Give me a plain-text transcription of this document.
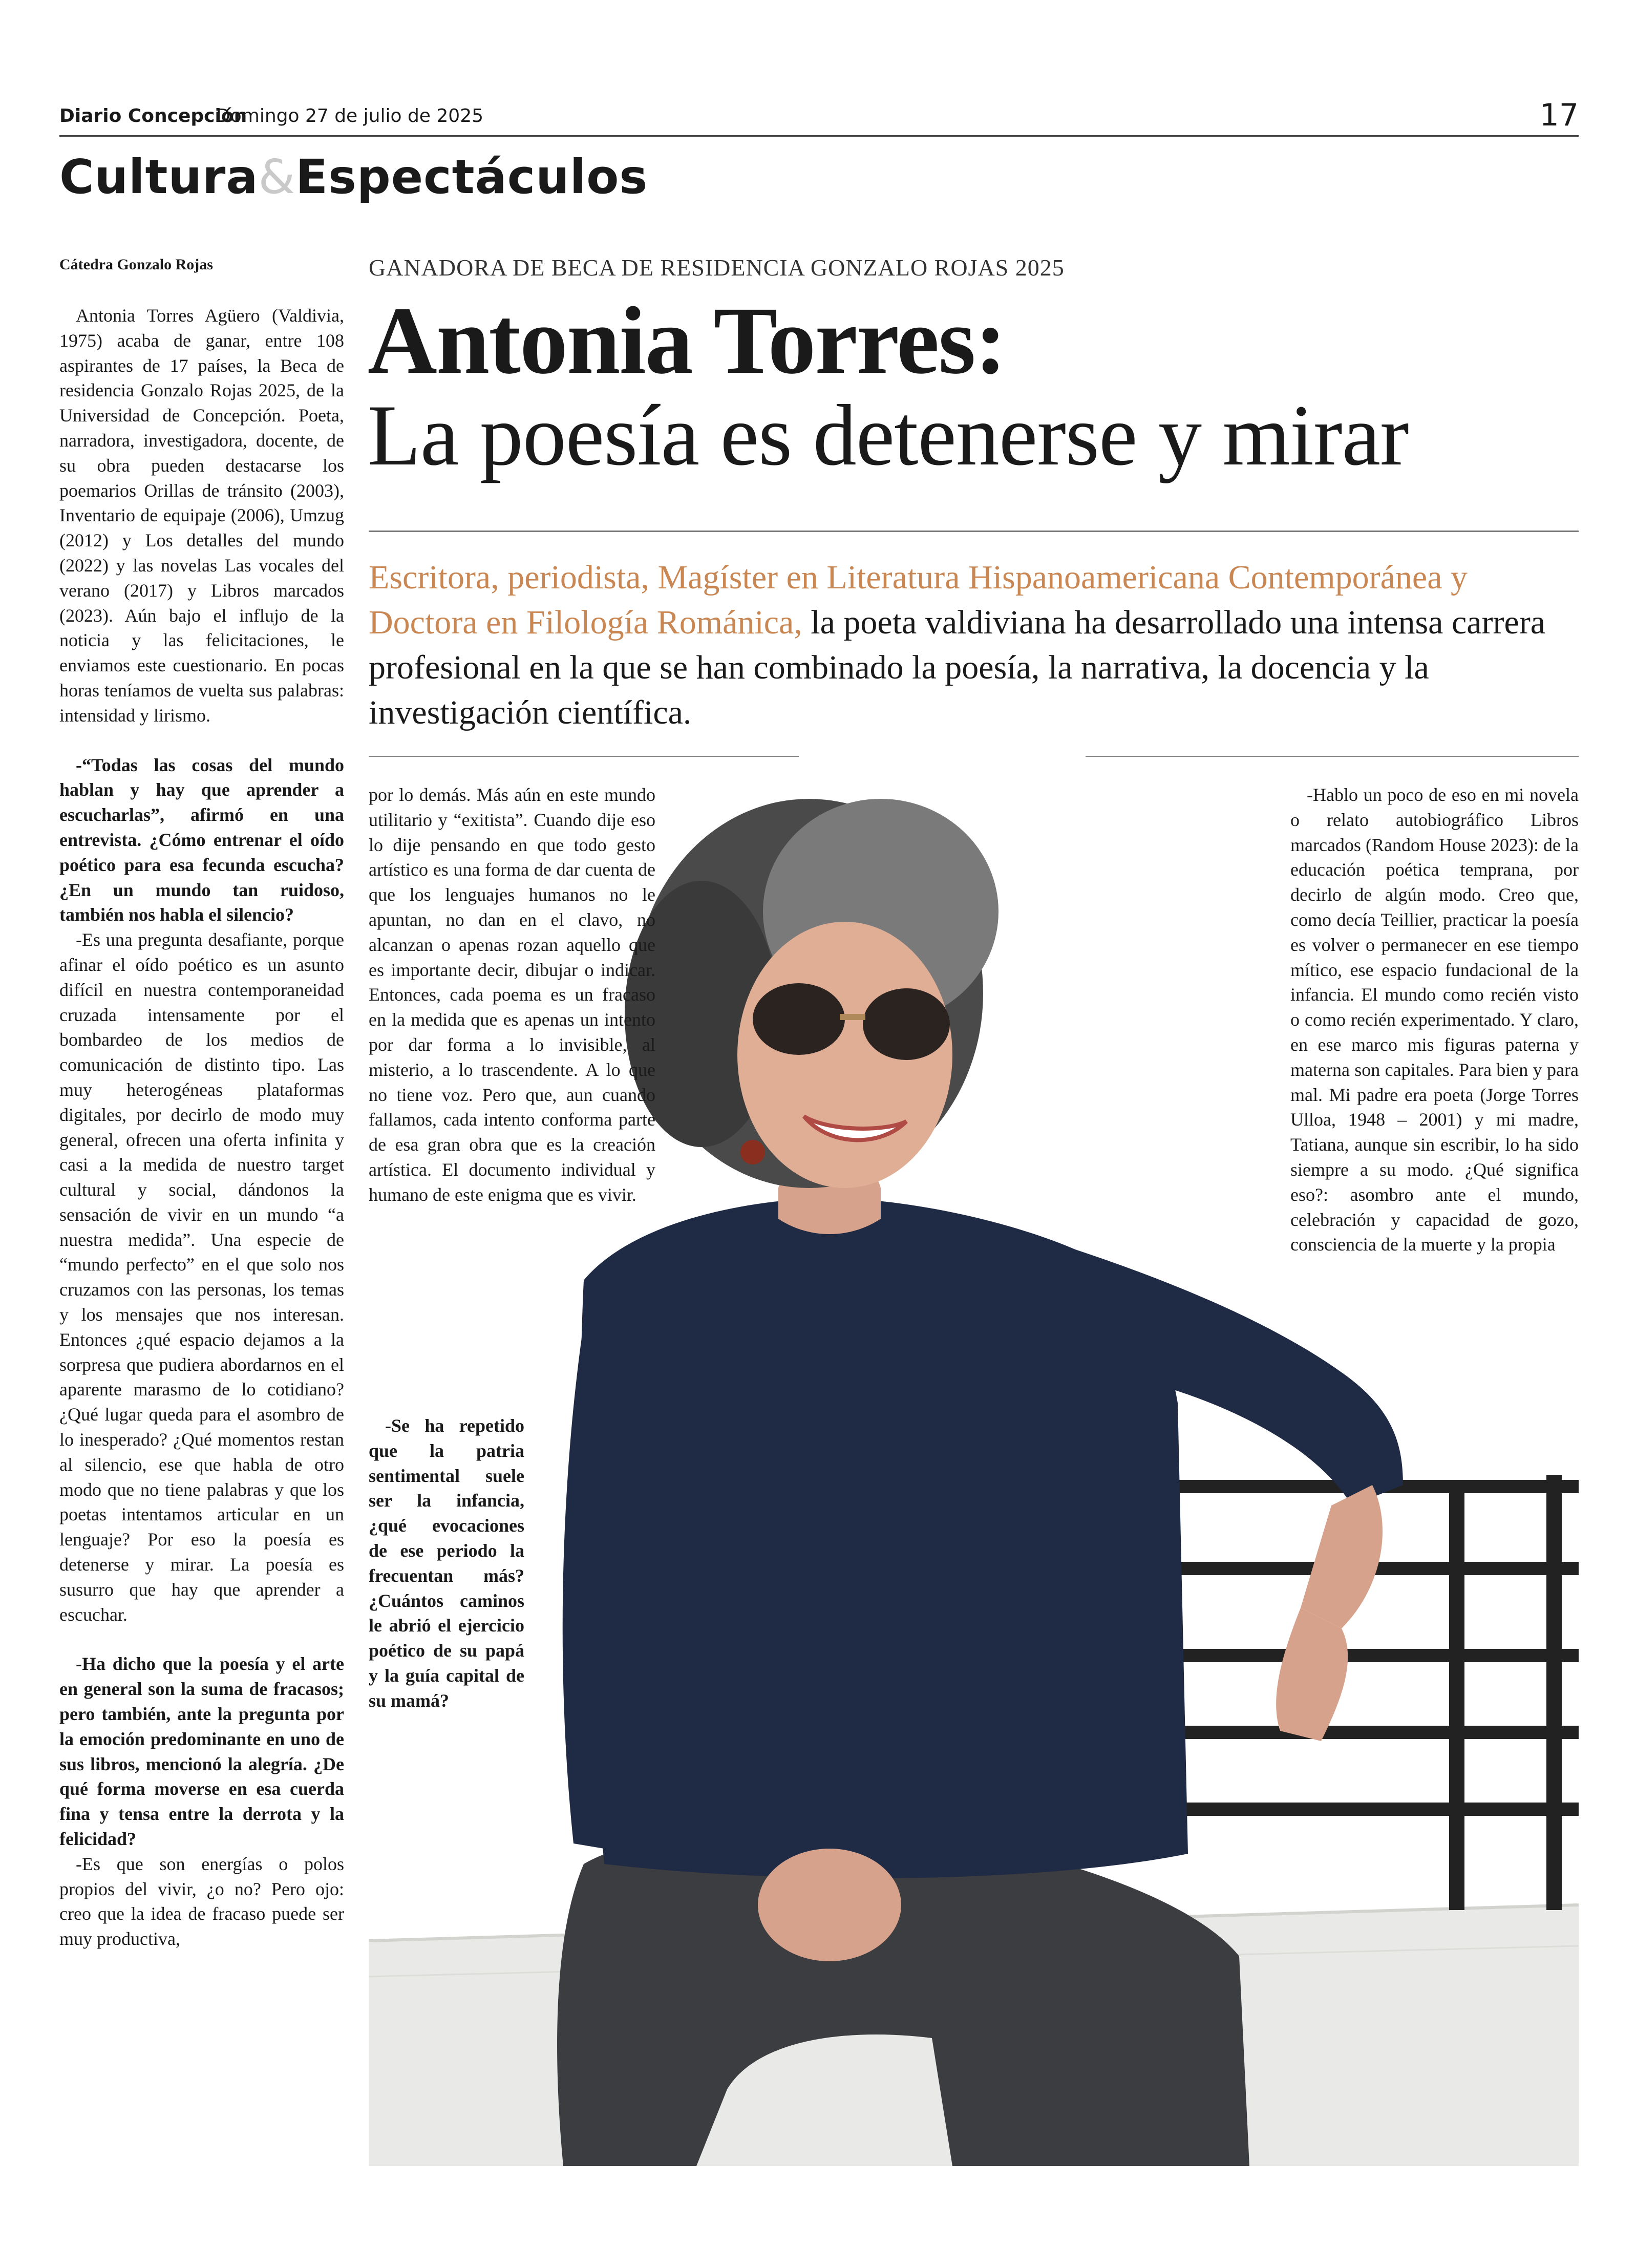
Diario Concepción
Domingo 27 de julio de 2025	17
Cultura&Espectáculos
Cátedra Gonzalo Rojas

Antonia Torres Agüero (Valdivia, 1975) acaba de ganar, entre 108 aspirantes de 17 países, la Beca de residencia Gonzalo Rojas 2025, de la Universidad de Concepción. Poeta, narradora, investigadora, docente, de su obra pueden destacarse los poemarios Orillas de tránsito (2003), Inventario de equipaje (2006), Umzug (2012) y Los detalles del mundo (2022) y las novelas Las vocales del verano (2017) y Libros marcados (2023). Aún bajo el influjo de la noticia y las felicitaciones, le enviamos este cuestionario. En pocas horas teníamos de vuelta sus palabras: intensidad y lirismo.

-“Todas las cosas del mundo hablan y hay que aprender a escucharlas”, afirmó en una entrevista. ¿Cómo entrenar el oído poético para esa fecunda escucha? ¿En un mundo tan ruidoso, también nos habla el silencio?

-Es una pregunta desafiante, porque afinar el oído poético es un asunto difícil en nuestra contemporaneidad cruzada intensamente por el bombardeo de los medios de comunicación de distinto tipo. Las muy heterogéneas plataformas digitales, por decirlo de modo muy general, ofrecen una oferta infinita y casi a la medida de nuestro target cultural y social, dándonos la sensación de vivir en un mundo “a nuestra medida”. Una especie de “mundo perfecto” en el que solo nos cruzamos con las personas, los temas y los mensajes que nos interesan. Entonces ¿qué espacio dejamos a la sorpresa que pudiera abordarnos en el aparente marasmo de lo cotidiano? ¿Qué lugar queda para el asombro de lo inesperado? ¿Qué momentos restan al silencio, ese que habla de otro modo que no tiene palabras y que los poetas intentamos articular en un lenguaje? Por eso la poesía es detenerse y mirar. La poesía es susurro que hay que aprender a escuchar.

-Ha dicho que la poesía y el arte en general son la suma de fracasos; pero también, ante la pregunta por la emoción predominante en uno de sus libros, mencionó la alegría. ¿De qué forma moverse en esa cuerda fina y tensa entre la derrota y la felicidad?

-Es que son energías o polos propios del vivir, ¿o no? Pero ojo: creo que la idea de fracaso puede ser muy productiva,

GANADORA DE BECA DE RESIDENCIA GONZALO ROJAS 2025
Antonia Torres:
La poesía es detenerse y mirar
Escritora, periodista, Magíster en Literatura Hispanoamericana Contemporánea y Doctora en Filología Románica, la poeta valdiviana ha desarrollado una intensa carrera profesional en la que se han combinado la poesía, la narrativa, la docencia y la investigación científica.

por lo demás. Más aún en este mundo utilitario y “exitista”. Cuando dije eso lo dije pensando en que todo gesto artístico es una forma de dar cuenta de que los lenguajes humanos no le apuntan, no dan en el clavo, no alcanzan o apenas rozan aquello que es importante decir, dibujar o indicar. Entonces, cada poema es un fracaso en la medida que es apenas un intento por dar forma a lo invisible, al misterio, a lo trascendente. A lo que no tiene voz. Pero que, aun cuando fallamos, cada intento conforma parte de esa gran obra que es la creación artística. El documento individual y humano de este enigma que es vivir.

-Se ha repetido que la patria sentimental suele ser la infancia, ¿qué evocaciones de ese periodo la frecuentan más? ¿Cuántos caminos le abrió el ejercicio poético de su papá y la guía capital de su mamá?

-Hablo un poco de eso en mi novela o relato autobiográfico Libros marcados (Random House 2023): de la educación poética temprana, por decirlo de algún modo. Creo que, como decía Teillier, practicar la poesía es volver o permanecer en ese tiempo mítico, ese espacio fundacional de la infancia. El mundo como recién visto o como recién experimentado. Y claro, en ese marco mis figuras paterna y materna son capitales. Para bien y para mal. Mi padre era poeta (Jorge Torres Ulloa, 1948 – 2001) y mi madre, Tatiana, aunque sin escribir, lo ha sido siempre a su modo. ¿Qué significa eso?: asombro ante el mundo, celebración y capacidad de gozo, consciencia de la muerte y la propia
